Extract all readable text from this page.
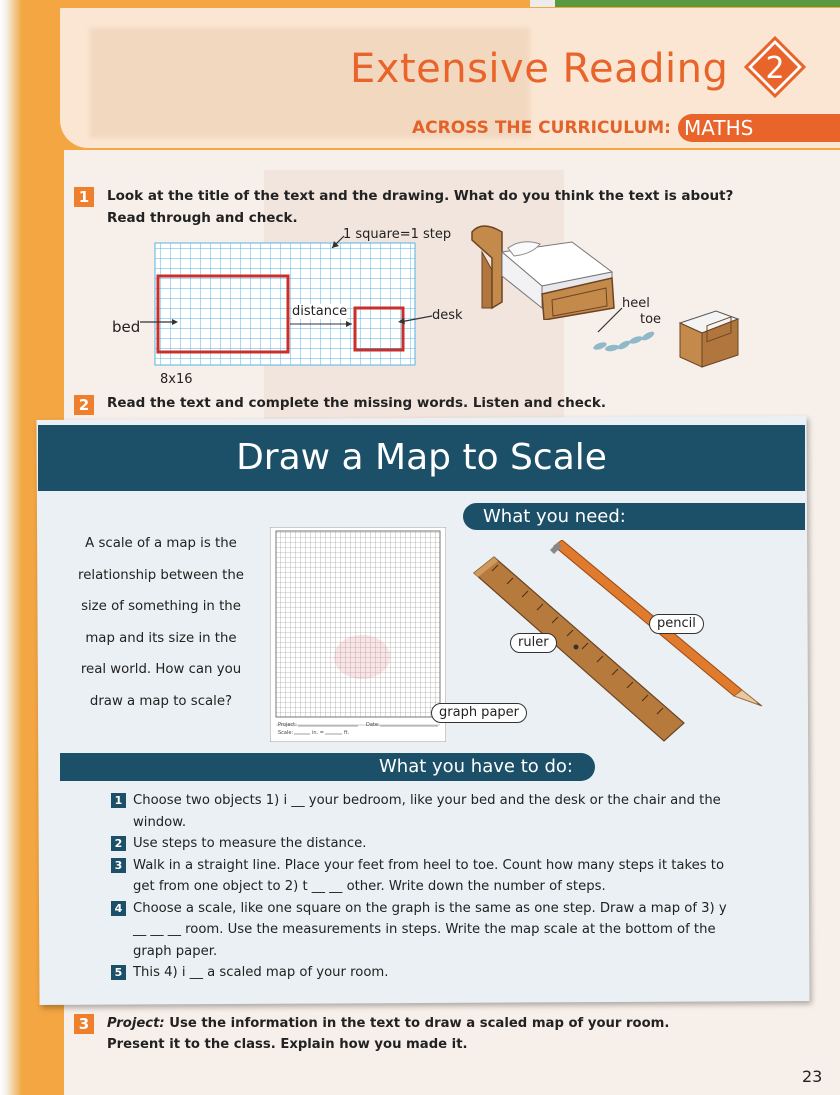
Extensive Reading 2
ACROSS THE CURRICULUM: MATHS
1	Look at the title of the text and the drawing. What do you think the text is about?
Read through and check.
1 square=1 step
bed
distance	desk
8x16
heel
toe
2	Read the text and complete the missing words. Listen and check.
Draw a Map to Scale
A scale of a map is the
relationship between the
size of something in the
map and its size in the
real world. How can you
draw a map to scale?
Project:	Date:
Scale:	in. =	ft.
What you need:
pencil
ruler
graph paper
What you have to do:
1 Choose two objects 1) i __ your bedroom, like your bed and the desk or the chair and the window.
2 Use steps to measure the distance.
3 Walk in a straight line. Place your feet from heel to toe. Count how many steps it takes to get from one object to 2) t __ __ other. Write down the number of steps.
4 Choose a scale, like one square on the graph is the same as one step. Draw a map of 3) y __ __ __ room. Use the measurements in steps. Write the map scale at the bottom of the graph paper.
5 This 4) i __ a scaled map of your room.
3	Project: Use the information in the text to draw a scaled map of your room.
Present it to the class. Explain how you made it.
23
